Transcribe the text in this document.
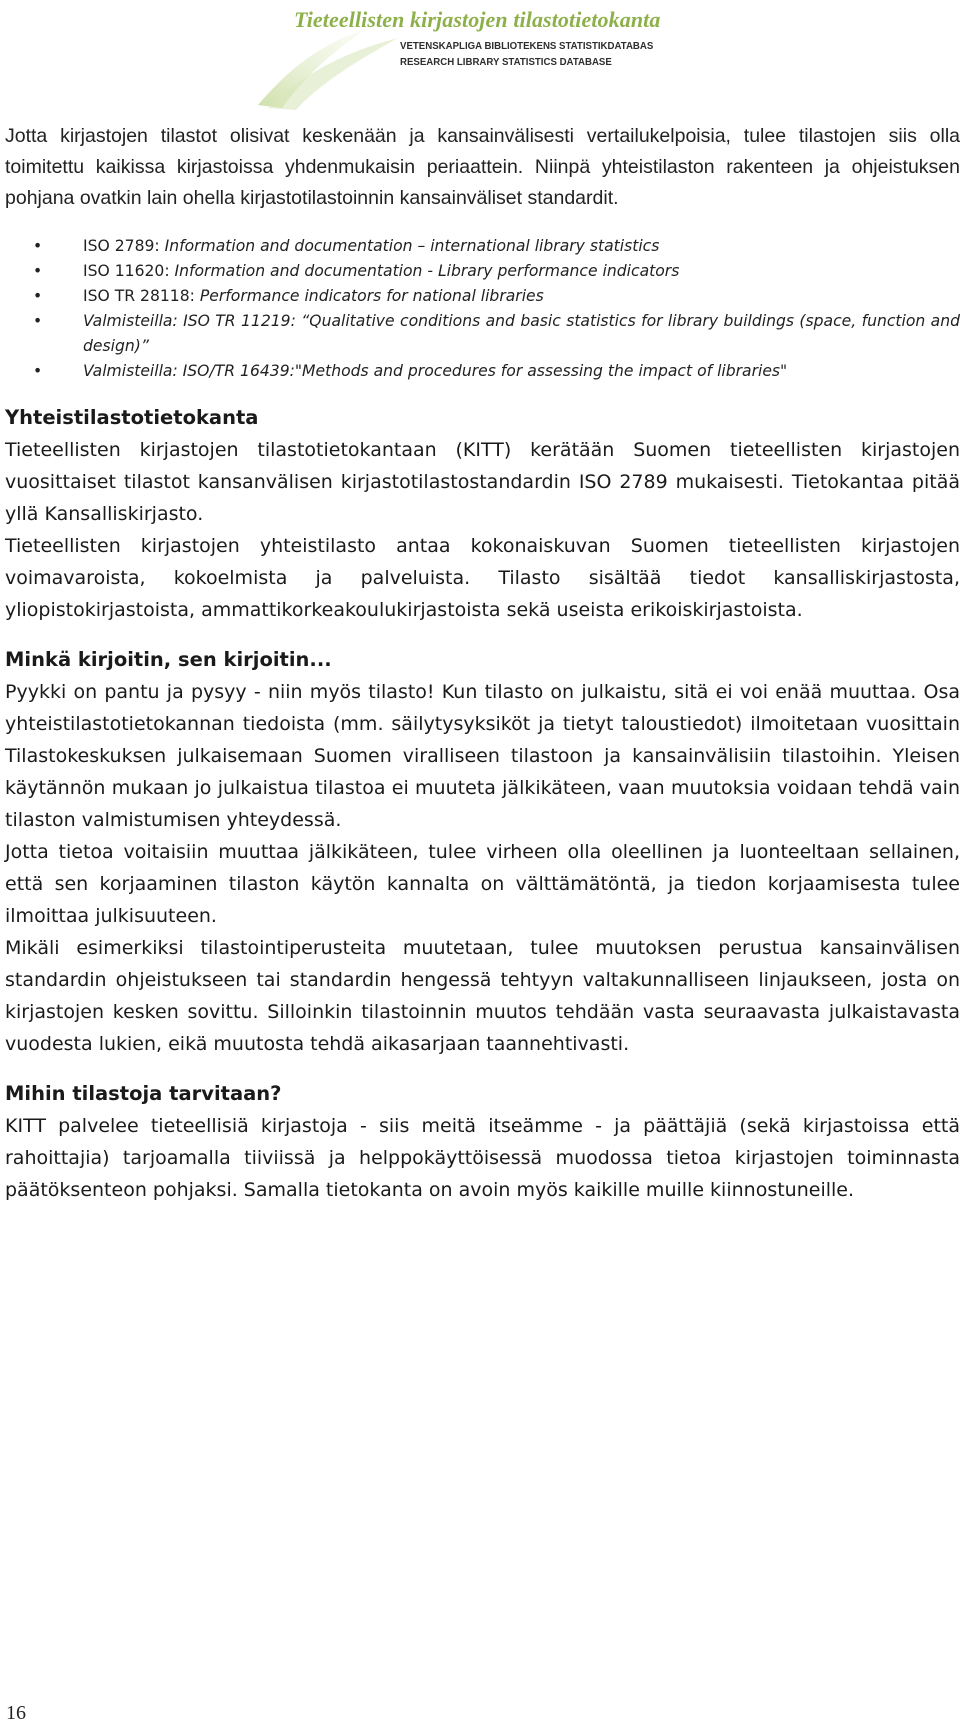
Tieteellisten kirjastojen tilastotietokanta
VETENSKAPLIGA BIBLIOTEKENS STATISTIKDATABAS
RESEARCH LIBRARY STATISTICS DATABASE

Jotta kirjastojen tilastot olisivat keskenään ja kansainvälisesti vertailukelpoisia, tulee tilastojen siis olla toimitettu kaikissa kirjastoissa yhdenmukaisin periaattein. Niinpä yhteistilaston rakenteen ja ohjeistuksen pohjana ovatkin lain ohella kirjastotilastoinnin kansainväliset standardit.

•	ISO 2789: Information and documentation – international library statistics
•	ISO 11620: Information and documentation - Library performance indicators
•	ISO TR 28118: Performance indicators for national libraries
•	Valmisteilla: ISO TR 11219: “Qualitative conditions and basic statistics for library buildings (space, function and design)”
•	Valmisteilla: ISO/TR 16439:"Methods and procedures for assessing the impact of libraries"
Yhteistilastotietokanta

Tieteellisten kirjastojen tilastotietokantaan (KITT) kerätään Suomen tieteellisten kirjastojen vuosittaiset tilastot kansanvälisen kirjastotilastostandardin ISO 2789 mukaisesti. Tietokantaa pitää yllä Kansalliskirjasto.

Tieteellisten kirjastojen yhteistilasto antaa kokonaiskuvan Suomen tieteellisten kirjastojen voimavaroista, kokoelmista ja palveluista. Tilasto sisältää tiedot kansalliskirjastosta, yliopistokirjastoista, ammattikorkeakoulukirjastoista sekä useista erikoiskirjastoista.

Minkä kirjoitin, sen kirjoitin...

Pyykki on pantu ja pysyy - niin myös tilasto! Kun tilasto on julkaistu, sitä ei voi enää muuttaa. Osa yhteistilastotietokannan tiedoista (mm. säilytysyksiköt ja tietyt taloustiedot) ilmoitetaan vuosittain Tilastokeskuksen julkaisemaan Suomen viralliseen tilastoon ja kansainvälisiin tilastoihin. Yleisen käytännön mukaan jo julkaistua tilastoa ei muuteta jälkikäteen, vaan muutoksia voidaan tehdä vain tilaston valmistumisen yhteydessä.

Jotta tietoa voitaisiin muuttaa jälkikäteen, tulee virheen olla oleellinen ja luonteeltaan sellainen, että sen korjaaminen tilaston käytön kannalta on välttämätöntä, ja tiedon korjaamisesta tulee ilmoittaa julkisuuteen.

Mikäli esimerkiksi tilastointiperusteita muutetaan, tulee muutoksen perustua kansainvälisen standardin ohjeistukseen tai standardin hengessä tehtyyn valtakunnalliseen linjaukseen, josta on kirjastojen kesken sovittu. Silloinkin tilastoinnin muutos tehdään vasta seuraavasta julkaistavasta vuodesta lukien, eikä muutosta tehdä aikasarjaan taannehtivasti.

Mihin tilastoja tarvitaan?

KITT palvelee tieteellisiä kirjastoja - siis meitä itseämme - ja päättäjiä (sekä kirjastoissa että rahoittajia) tarjoamalla tiiviissä ja helppokäyttöisessä muodossa tietoa kirjastojen toiminnasta päätöksenteon pohjaksi. Samalla tietokanta on avoin myös kaikille muille kiinnostuneille.

16
